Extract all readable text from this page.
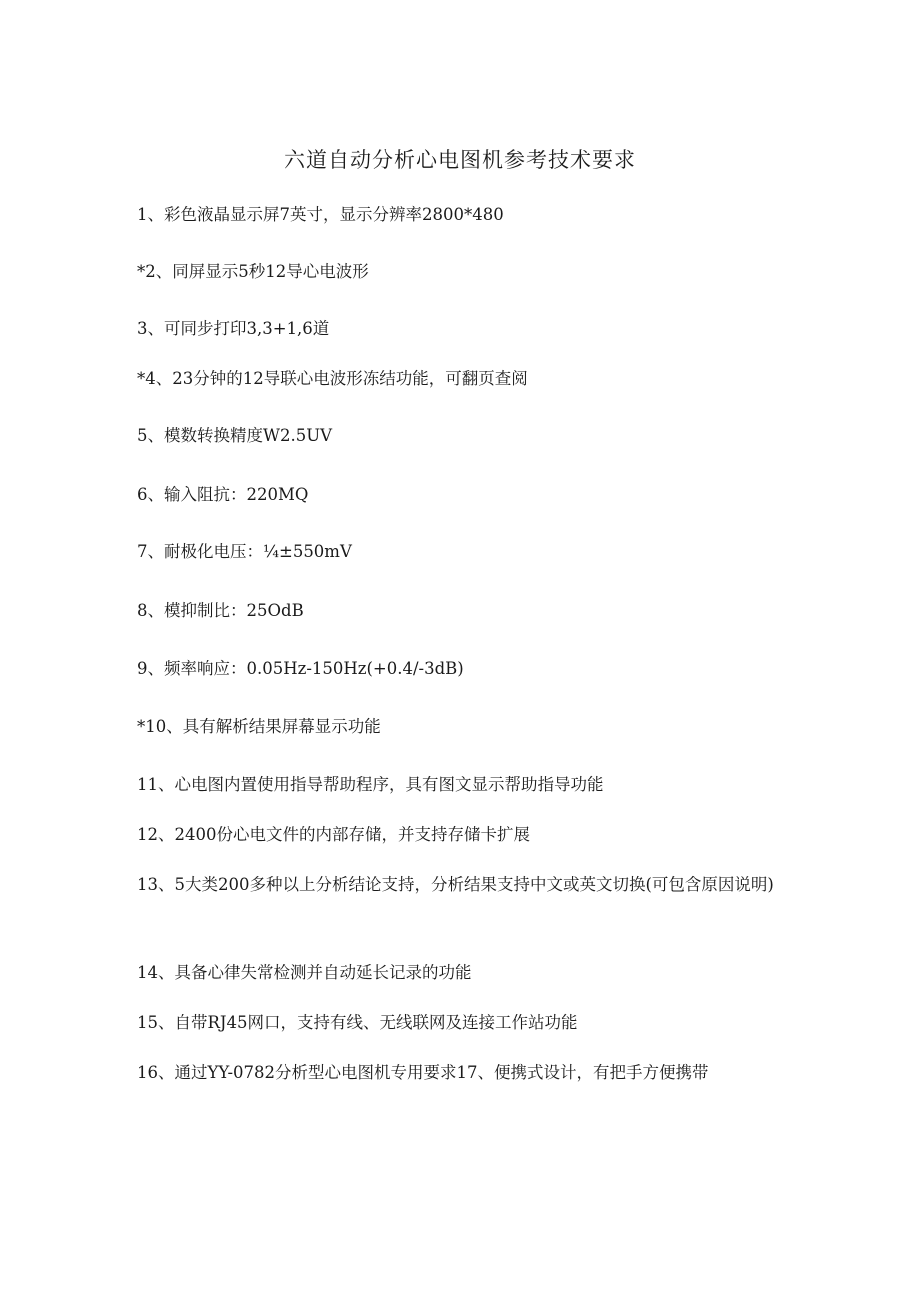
六道自动分析心电图机参考技术要求
1、彩色液晶显示屏7英寸，显示分辨率2800*480
*2、同屏显示5秒12导心电波形
3、可同步打印3,3+1,6道
*4、23分钟的12导联心电波形冻结功能，可翻页查阅
5、模数转换精度W2.5UV
6、输入阻抗：220MQ
7、耐极化电压：¼±550mV
8、模抑制比：25OdB
9、频率响应：0.05Hz-150Hz(+0.4/-3dB)
*10、具有解析结果屏幕显示功能
11、心电图内置使用指导帮助程序，具有图文显示帮助指导功能
12、2400份心电文件的内部存储，并支持存储卡扩展
13、5大类200多种以上分析结论支持，分析结果支持中文或英文切换(可包含原因说明)
14、具备心律失常检测并自动延长记录的功能
15、自带RJ45网口，支持有线、无线联网及连接工作站功能
16、通过YY-0782分析型心电图机专用要求17、便携式设计，有把手方便携带
